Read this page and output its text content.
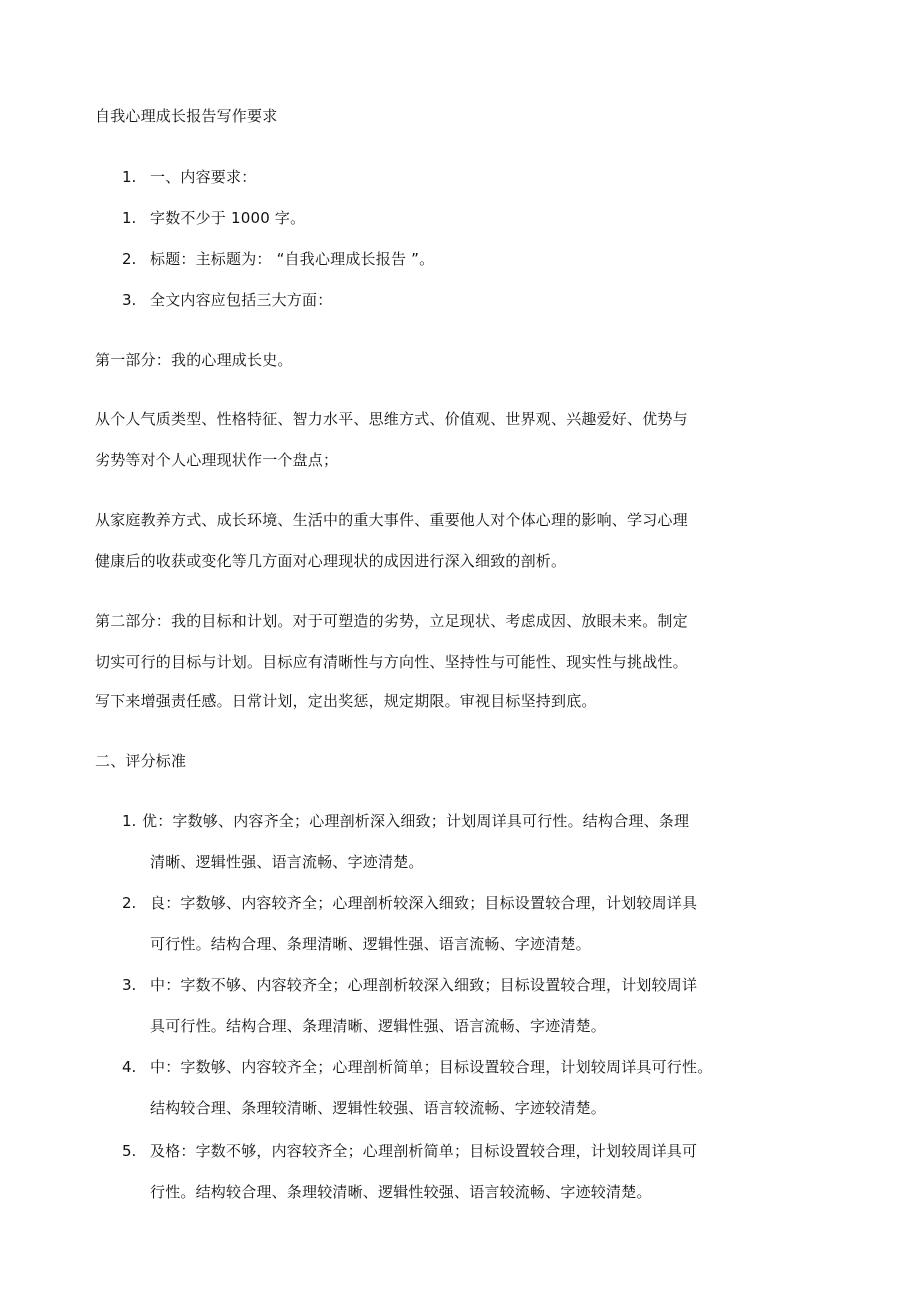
自我心理成长报告写作要求
1. 一、内容要求：
1. 字数不少于 1000 字。
2. 标题：主标题为： “自我心理成长报告 ”。
3. 全文内容应包括三大方面：
第一部分：我的心理成长史。
从个人气质类型、性格特征、智力水平、思维方式、价值观、世界观、兴趣爱好、优势与
劣势等对个人心理现状作一个盘点；
从家庭教养方式、成长环境、生活中的重大事件、重要他人对个体心理的影响、学习心理
健康后的收获或变化等几方面对心理现状的成因进行深入细致的剖析。
第二部分：我的目标和计划。对于可塑造的劣势，立足现状、考虑成因、放眼未来。制定
切实可行的目标与计划。目标应有清晰性与方向性、坚持性与可能性、现实性与挑战性。
写下来增强责任感。日常计划，定出奖惩，规定期限。审视目标坚持到底。
二、评分标准
1. 优：字数够、内容齐全；心理剖析深入细致；计划周详具可行性。结构合理、条理
清晰、逻辑性强、语言流畅、字迹清楚。
2. 良：字数够、内容较齐全；心理剖析较深入细致；目标设置较合理，计划较周详具
可行性。结构合理、条理清晰、逻辑性强、语言流畅、字迹清楚。
3. 中：字数不够、内容较齐全；心理剖析较深入细致；目标设置较合理，计划较周详
具可行性。结构合理、条理清晰、逻辑性强、语言流畅、字迹清楚。
4. 中：字数够、内容较齐全；心理剖析简单；目标设置较合理，计划较周详具可行性。
结构较合理、条理较清晰、逻辑性较强、语言较流畅、字迹较清楚。
5. 及格：字数不够，内容较齐全；心理剖析简单；目标设置较合理，计划较周详具可
行性。结构较合理、条理较清晰、逻辑性较强、语言较流畅、字迹较清楚。
